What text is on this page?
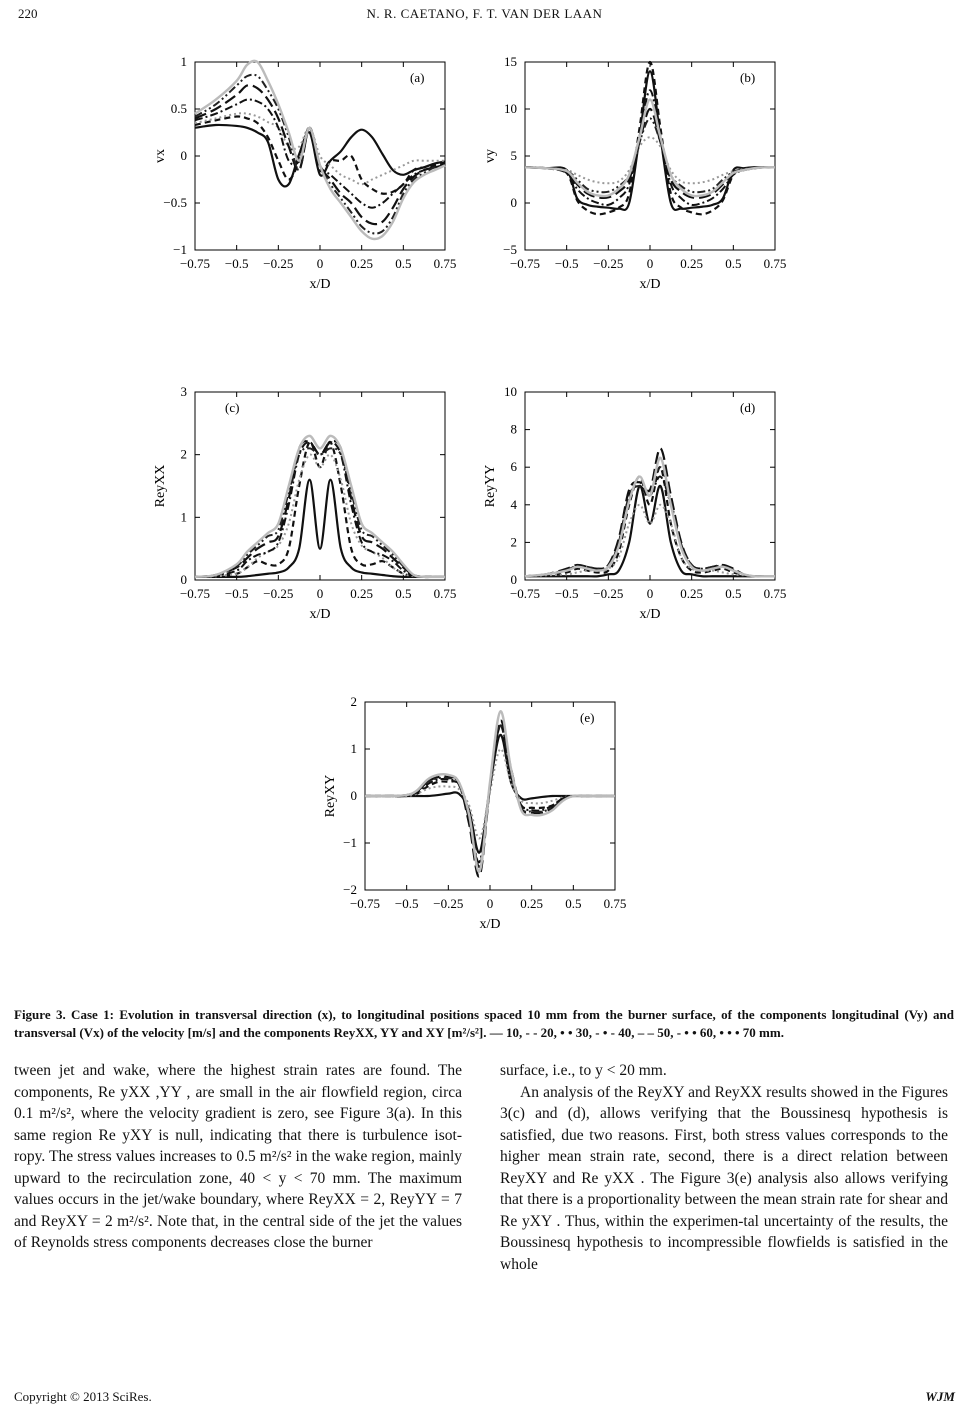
220	N. R. CAETANO, F. T. VAN DER LAAN
−0.75 −0.5 −0.25 0 0.25 0.5 0.75
1
0.5
0
−0.5
−1
x/D
vx
(a)
−0.75 −0.5 −0.25 0 0.25 0.5 0.75
15
10
5
0
−5
x/D
vy
(b)
−0.75 −0.5 −0.25 0 0.25 0.5 0.75
3
2
1
0
x/D
ReyXX
(c)
−0.75 −0.5 −0.25 0 0.25 0.5 0.75
10
8
6
4
2
0
x/D
ReyYY
(d)
−0.75 −0.5 −0.25 0 0.25 0.5 0.75
2
1
0
−1
−2
x/D
ReyXY
(e)
Figure 3. Case 1: Evolution in transversal direction (x), to longitudinal positions spaced 10 mm from the burner surface, of the components longitudinal (Vy) and transversal (Vx) of the velocity [m/s] and the components ReyXX, YY and XY [m²/s²]. — 10, - - 20, • • 30, - • - 40, – – 50, - • • 60, • • • 70 mm.

tween jet and wake, where the highest strain rates are found. The components, Re yXX ,YY , are small in the air flowfield region, circa 0.1 m²/s², where the velocity gradient is zero, see Figure 3(a). In this same region Re yXY is null, indicating that there is turbulence isot-ropy. The stress values increases to 0.5 m²/s² in the wake region, mainly upward to the recirculation zone, 40 < y < 70 mm. The maximum values occurs in the jet/wake boundary, where ReyXX = 2, ReyYY = 7 and ReyXY = 2 m²/s². Note that, in the central side of the jet the values of Reynolds stress components decreases close the burner

surface, i.e., to y < 20 mm.

An analysis of the ReyXY and ReyXX results showed in the Figures 3(c) and (d), allows verifying that the Boussinesq hypothesis is satisfied, due two reasons. First, both stress values corresponds to the higher mean strain rate, second, there is a direct relation between ReyXY and Re yXX . The Figure 3(e) analysis also allows verifying that there is a proportionality between the mean strain rate for shear and Re yXY . Thus, within the experimen-tal uncertainty of the results, the Boussinesq hypothesis to incompressible flowfields is satisfied in the whole

Copyright © 2013 SciRes.	WJM
